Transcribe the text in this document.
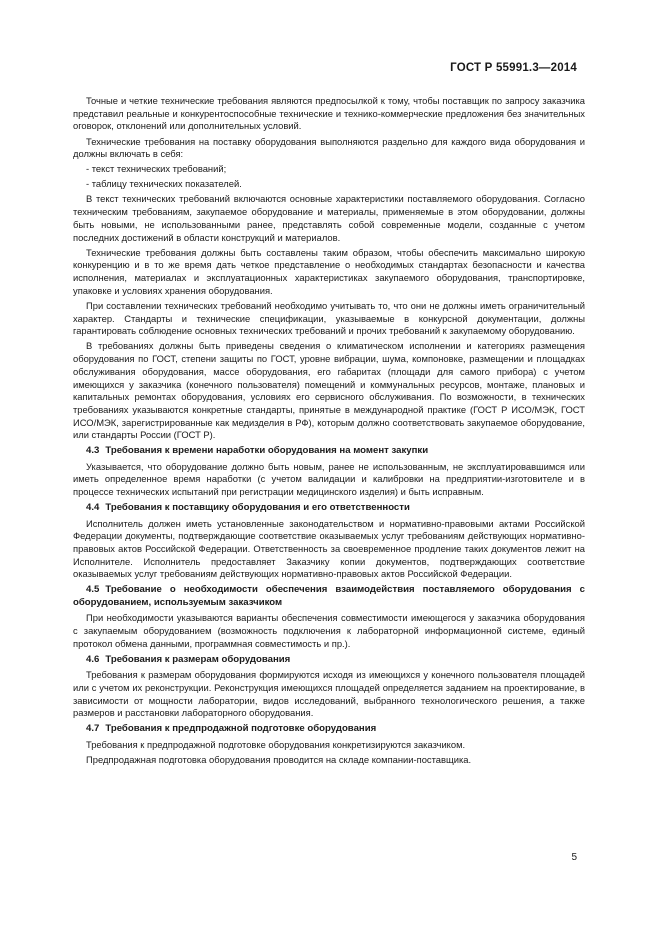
ГОСТ Р 55991.3—2014

Точные и четкие технические требования являются предпосылкой к тому, чтобы поставщик по запросу заказчика представил реальные и конкурентоспособные технические и технико-коммерческие предложения без значительных оговорок, отклонений или дополнительных условий.

Технические требования на поставку оборудования выполняются раздельно для каждого вида оборудования и должны включать в себя:

- текст технических требований;
- таблицу технических показателей.

В текст технических требований включаются основные характеристики поставляемого оборудования. Согласно техническим требованиям, закупаемое оборудование и материалы, применяемые в этом оборудовании, должны быть новыми, не использованными ранее, представлять собой современные модели, созданные с учетом последних достижений в области конструкций и материалов.

Технические требования должны быть составлены таким образом, чтобы обеспечить максимально широкую конкуренцию и в то же время дать четкое представление о необходимых стандартах безопасности и качества исполнения, материалах и эксплуатационных характеристиках закупаемого оборудования, транспортировке, упаковке и условиях хранения оборудования.

При составлении технических требований необходимо учитывать то, что они не должны иметь ограничительный характер. Стандарты и технические спецификации, указываемые в конкурсной документации, должны гарантировать соблюдение основных технических требований и прочих требований к закупаемому оборудованию.

В требованиях должны быть приведены сведения о климатическом исполнении и категориях размещения оборудования по ГОСТ, степени защиты по ГОСТ, уровне вибрации, шума, компоновке, размещении и площадках обслуживания оборудования, массе оборудования, его габаритах (площади для самого прибора) с учетом имеющихся у заказчика (конечного пользователя) помещений и коммунальных ресурсов, монтаже, плановых и капитальных ремонтах оборудования, условиях его сервисного обслуживания. По возможности, в технических требованиях указываются конкретные стандарты, принятые в международной практике (ГОСТ Р ИСО/МЭК, ГОСТ ИСО/МЭК, зарегистрированные как медизделия в РФ), которым должно соответствовать закупаемое оборудование, или стандарты России (ГОСТ Р).

4.3 Требования к времени наработки оборудования на момент закупки

Указывается, что оборудование должно быть новым, ранее не использованным, не эксплуатировавшимся или иметь определенное время наработки (с учетом валидации и калибровки на предприятии-изготовителе и в процессе технических испытаний при регистрации медицинского изделия) и быть исправным.

4.4 Требования к поставщику оборудования и его ответственности

Исполнитель должен иметь установленные законодательством и нормативно-правовыми актами Российской Федерации документы, подтверждающие соответствие оказываемых услуг требованиям действующих нормативно-правовых актов Российской Федерации. Ответственность за своевременное продление таких документов лежит на Исполнителе. Исполнитель предоставляет Заказчику копии документов, подтверждающих соответствие оказываемых услуг требованиям действующих нормативно-правовых актов Российской Федерации.

4.5 Требование о необходимости обеспечения взаимодействия поставляемого оборудования с оборудованием, используемым заказчиком

При необходимости указываются варианты обеспечения совместимости имеющегося у заказчика оборудования с закупаемым оборудованием (возможность подключения к лабораторной информационной системе, единый протокол обмена данными, программная совместимость и пр.).

4.6 Требования к размерам оборудования

Требования к размерам оборудования формируются исходя из имеющихся у конечного пользователя площадей или с учетом их реконструкции. Реконструкция имеющихся площадей определяется заданием на проектирование, в зависимости от мощности лаборатории, видов исследований, выбранного технологического решения, а также размеров и расстановки лабораторного оборудования.

4.7 Требования к предпродажной подготовке оборудования

Требования к предпродажной подготовке оборудования конкретизируются заказчиком.

Предпродажная подготовка оборудования проводится на складе компании-поставщика.

5
